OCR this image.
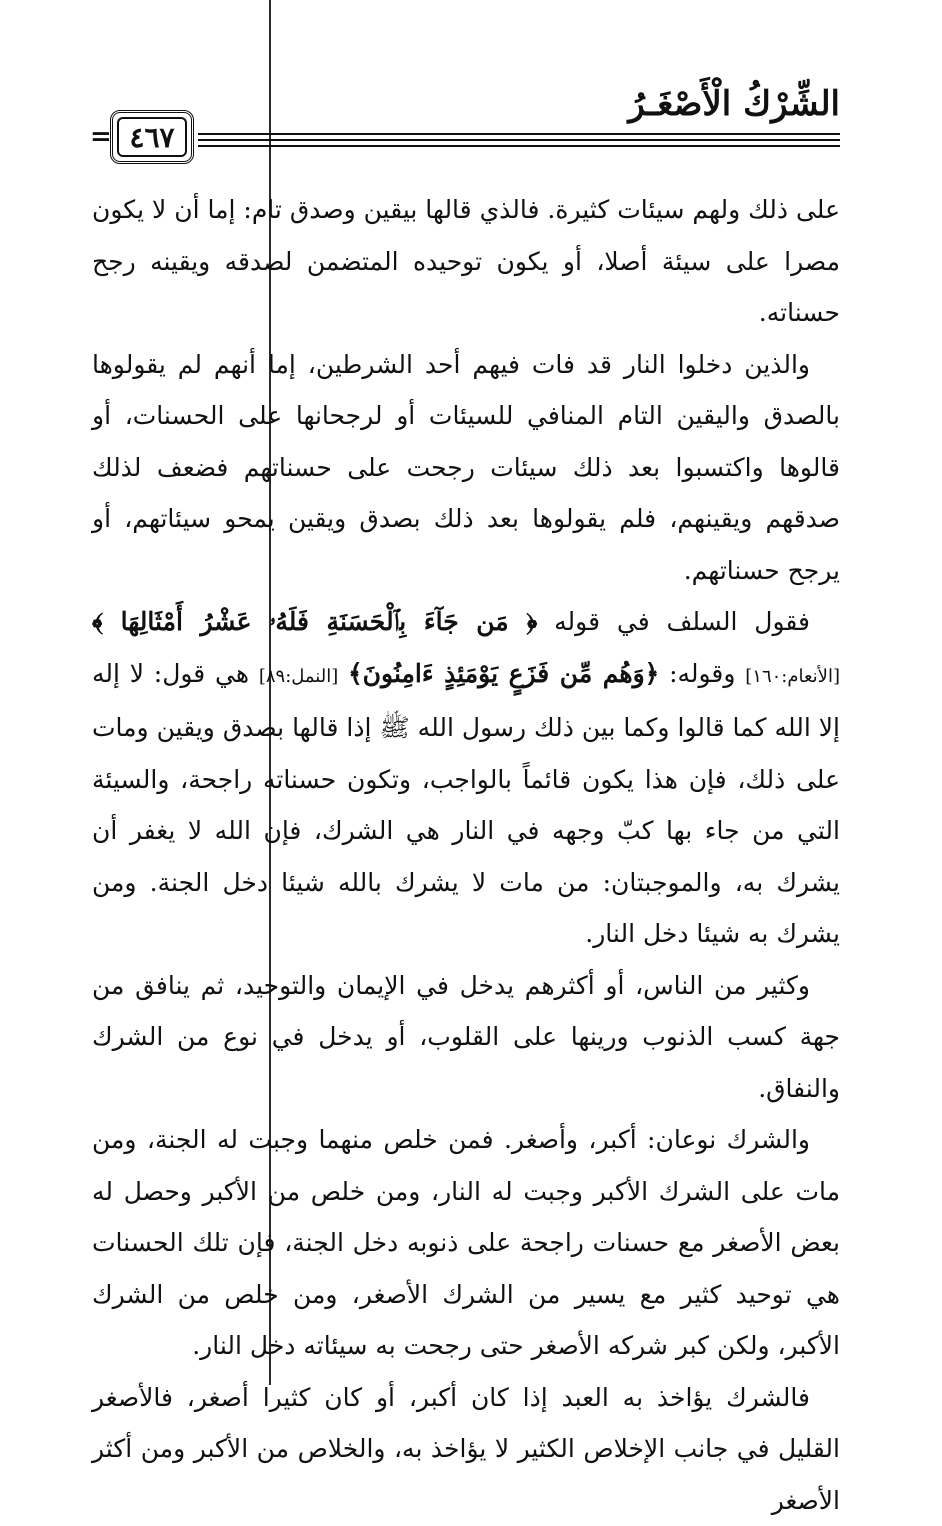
الشِّرْكُ الْأَصْغَـرُ
٤٦٧
=

على ذلك ولهم سيئات كثيرة. فالذي قالها بيقين وصدق تام: إما أن لا يكون مصرا على سيئة أصلا، أو يكون توحيده المتضمن لصدقه ويقينه رجح حسناته.

والذين دخلوا النار قد فات فيهم أحد الشرطين، إما أنهم لم يقولوها بالصدق واليقين التام المنافي للسيئات أو لرجحانها على الحسنات، أو قالوها واكتسبوا بعد ذلك سيئات رجحت على حسناتهم فضعف لذلك صدقهم ويقينهم، فلم يقولوها بعد ذلك بصدق ويقين يمحو سيئاتهم، أو يرجح حسناتهم.

فقول السلف في قوله ﴿ مَن جَآءَ بِٱلْحَسَنَةِ فَلَهُۥ عَشْرُ أَمْثَالِهَا ﴾ [الأنعام:١٦٠] وقوله: ﴿وَهُم مِّن فَزَعٍ يَوْمَئِذٍ ءَامِنُونَ﴾ [النمل:٨٩] هي قول: لا إله إلا الله كما قالوا وكما بين ذلك رسول الله ﷺ إذا قالها بصدق ويقين ومات على ذلك، فإن هذا يكون قائماً بالواجب، وتكون حسناته راجحة، والسيئة التي من جاء بها كبّ وجهه في النار هي الشرك، فإن الله لا يغفر أن يشرك به، والموجبتان: من مات لا يشرك بالله شيئا دخل الجنة. ومن يشرك به شيئا دخل النار.

وكثير من الناس، أو أكثرهم يدخل في الإيمان والتوحيد، ثم ينافق من جهة كسب الذنوب ورينها على القلوب، أو يدخل في نوع من الشرك والنفاق.

والشرك نوعان: أكبر، وأصغر. فمن خلص منهما وجبت له الجنة، ومن مات على الشرك الأكبر وجبت له النار، ومن خلص من الأكبر وحصل له بعض الأصغر مع حسنات راجحة على ذنوبه دخل الجنة، فإن تلك الحسنات هي توحيد كثير مع يسير من الشرك الأصغر، ومن خلص من الشرك الأكبر، ولكن كبر شركه الأصغر حتى رجحت به سيئاته دخل النار.

فالشرك يؤاخذ به العبد إذا كان أكبر، أو كان كثيرا أصغر، فالأصغر القليل في جانب الإخلاص الكثير لا يؤاخذ به، والخلاص من الأكبر ومن أكثر الأصغر
